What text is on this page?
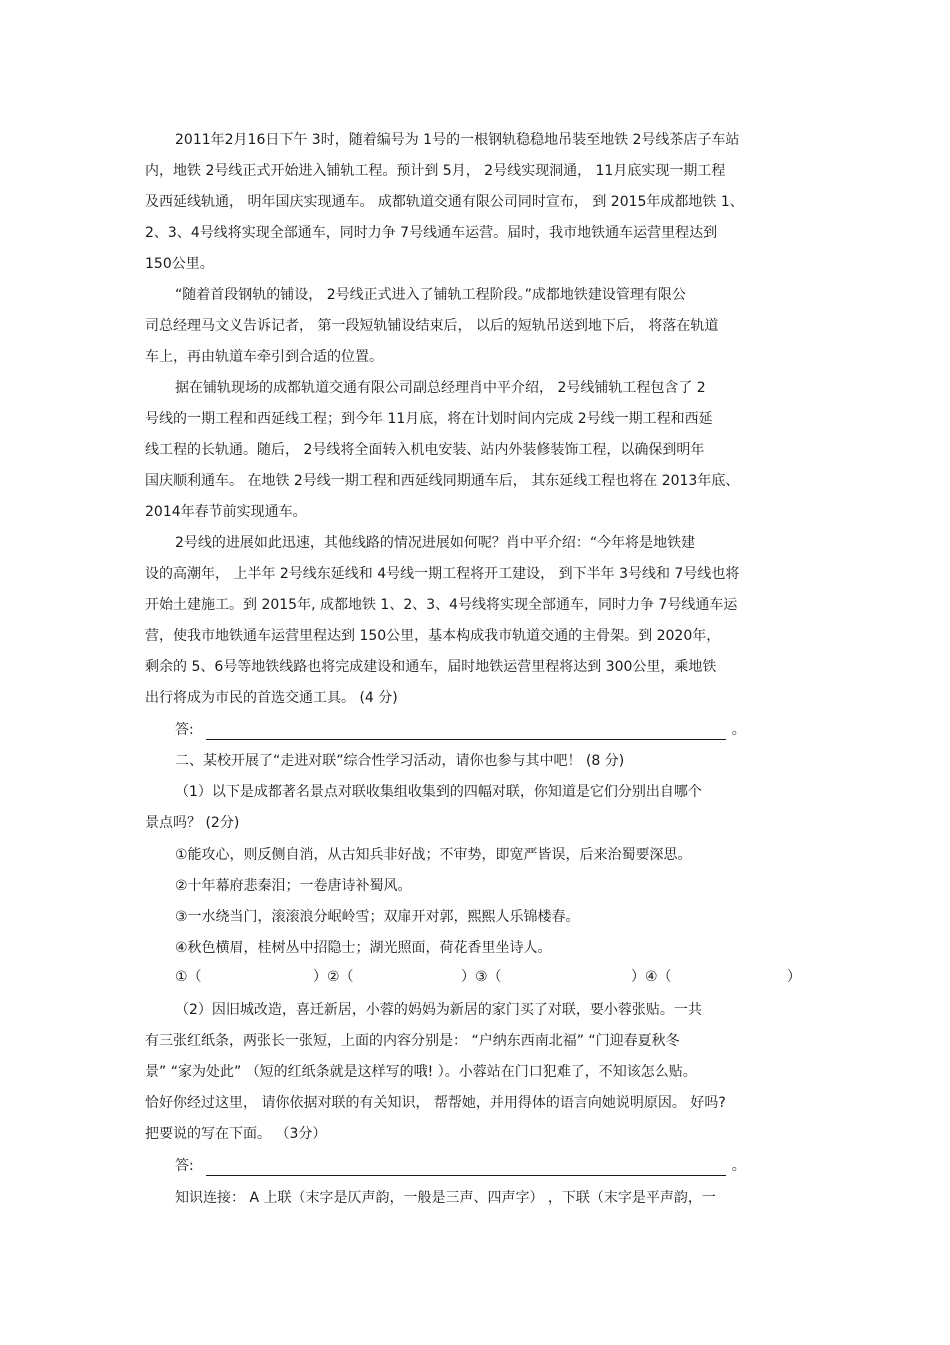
2011年2月16日下午 3时，随着编号为 1号的一根钢轨稳稳地吊装至地铁 2号线茶店子车站

内，地铁 2号线正式开始进入铺轨工程。预计到 5月， 2号线实现洞通， 11月底实现一期工程

及西延线轨通， 明年国庆实现通车。 成都轨道交通有限公司同时宣布， 到 2015年成都地铁 1、

2、3、4号线将实现全部通车，同时力争 7号线通车运营。届时，我市地铁通车运营里程达到

150公里。

“随着首段钢轨的铺设， 2号线正式进入了铺轨工程阶段。”成都地铁建设管理有限公

司总经理马文义告诉记者， 第一段短轨铺设结束后， 以后的短轨吊送到地下后， 将落在轨道

车上，再由轨道车牵引到合适的位置。

据在铺轨现场的成都轨道交通有限公司副总经理肖中平介绍， 2号线铺轨工程包含了 2

号线的一期工程和西延线工程；到今年 11月底，将在计划时间内完成 2号线一期工程和西延

线工程的长轨通。随后， 2号线将全面转入机电安装、站内外装修装饰工程，以确保到明年

国庆顺利通车。 在地铁 2号线一期工程和西延线同期通车后， 其东延线工程也将在 2013年底、

2014年春节前实现通车。

2号线的进展如此迅速，其他线路的情况进展如何呢？肖中平介绍：“今年将是地铁建

设的高潮年， 上半年 2号线东延线和 4号线一期工程将开工建设， 到下半年 3号线和 7号线也将

开始土建施工。到 2015年, 成都地铁 1、2、3、4号线将实现全部通车，同时力争 7号线通车运

营，使我市地铁通车运营里程达到 150公里，基本构成我市轨道交通的主骨架。到 2020年，

剩余的 5、6号等地铁线路也将完成建设和通车，届时地铁运营里程将达到 300公里，乘地铁

出行将成为市民的首选交通工具。 (4 分)

答:	。

二、某校开展了“走进对联”综合性学习活动，请你也参与其中吧！ (8 分)

（1）以下是成都著名景点对联收集组收集到的四幅对联，你知道是它们分别出自哪个

景点吗？ (2分)

①能攻心，则反侧自消，从古知兵非好战；不审势，即宽严皆误，后来治蜀要深思。

②十年幕府悲秦泪；一卷唐诗补蜀风。

③一水绕当门，滚滚浪分岷岭雪；双扉开对郭，熙熙人乐锦楼春。

④秋色横眉，桂树丛中招隐士；湖光照面，荷花香里坐诗人。

①（	）②（	）③（	）④（	）

（2）因旧城改造，喜迁新居，小蓉的妈妈为新居的家门买了对联，要小蓉张贴。一共

有三张红纸条，两张长一张短，上面的内容分别是： “户纳东西南北福” “门迎春夏秋冬

景” “家为处此” （短的红纸条就是这样写的哦! ）。小蓉站在门口犯难了，不知该怎么贴。

恰好你经过这里， 请你依据对联的有关知识， 帮帮她，并用得体的语言向她说明原因。 好吗?

把要说的写在下面。 （3分）

答:	。

知识连接： A 上联（末字是仄声韵，一般是三声、四声字） ，下联（末字是平声韵，一
